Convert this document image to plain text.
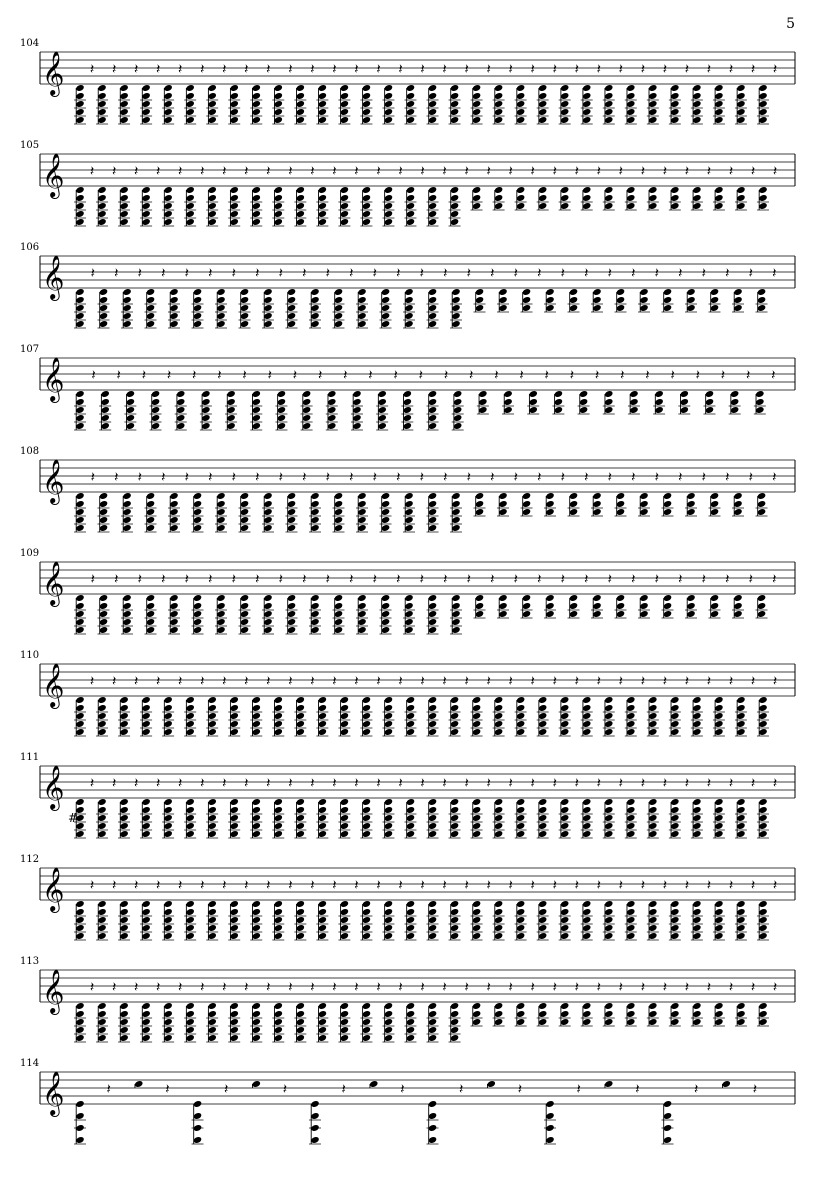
5
104
𝄞 𝄽 𝄽 𝄽 𝄽 𝄽 𝄽 𝄽 𝄽 𝄽 𝄽 𝄽 𝄽 𝄽 𝄽 𝄽 𝄽 𝄽 𝄽 𝄽 𝄽 𝄽 𝄽 𝄽 𝄽 𝄽 𝄽 𝄽 𝄽 𝄽 𝄽 𝄽 𝄽
105
𝄞 𝄽 𝄽 𝄽 𝄽 𝄽 𝄽 𝄽 𝄽 𝄽 𝄽 𝄽 𝄽 𝄽 𝄽 𝄽 𝄽 𝄽 𝄽 𝄽 𝄽 𝄽 𝄽 𝄽 𝄽 𝄽 𝄽 𝄽 𝄽 𝄽 𝄽 𝄽 𝄽
106
𝄞 𝄽 𝄽 𝄽 𝄽 𝄽 𝄽 𝄽 𝄽 𝄽 𝄽 𝄽 𝄽 𝄽 𝄽 𝄽 𝄽 𝄽 𝄽 𝄽 𝄽 𝄽 𝄽 𝄽 𝄽 𝄽 𝄽 𝄽 𝄽 𝄽 𝄽
107
𝄞 𝄽 𝄽 𝄽 𝄽 𝄽 𝄽 𝄽 𝄽 𝄽 𝄽 𝄽 𝄽 𝄽 𝄽 𝄽 𝄽 𝄽 𝄽 𝄽 𝄽 𝄽 𝄽 𝄽 𝄽 𝄽 𝄽 𝄽 𝄽
108
𝄞 𝄽 𝄽 𝄽 𝄽 𝄽 𝄽 𝄽 𝄽 𝄽 𝄽 𝄽 𝄽 𝄽 𝄽 𝄽 𝄽 𝄽 𝄽 𝄽 𝄽 𝄽 𝄽 𝄽 𝄽 𝄽 𝄽 𝄽 𝄽 𝄽 𝄽
109
𝄞 𝄽 𝄽 𝄽 𝄽 𝄽 𝄽 𝄽 𝄽 𝄽 𝄽 𝄽 𝄽 𝄽 𝄽 𝄽 𝄽 𝄽 𝄽 𝄽 𝄽 𝄽 𝄽 𝄽 𝄽 𝄽 𝄽 𝄽 𝄽 𝄽 𝄽
110
𝄞 𝄽 𝄽 𝄽 𝄽 𝄽 𝄽 𝄽 𝄽 𝄽 𝄽 𝄽 𝄽 𝄽 𝄽 𝄽 𝄽 𝄽 𝄽 𝄽 𝄽 𝄽 𝄽 𝄽 𝄽 𝄽 𝄽 𝄽 𝄽 𝄽 𝄽 𝄽 𝄽
111
𝄞
#
𝄽 𝄽 𝄽 𝄽 𝄽 𝄽 𝄽 𝄽 𝄽 𝄽 𝄽 𝄽 𝄽 𝄽 𝄽 𝄽 𝄽 𝄽 𝄽 𝄽 𝄽 𝄽 𝄽 𝄽 𝄽 𝄽 𝄽 𝄽 𝄽 𝄽 𝄽 𝄽
112
𝄞 𝄽 𝄽 𝄽 𝄽 𝄽 𝄽 𝄽 𝄽 𝄽 𝄽 𝄽 𝄽 𝄽 𝄽 𝄽 𝄽 𝄽 𝄽 𝄽 𝄽 𝄽 𝄽 𝄽 𝄽 𝄽 𝄽 𝄽 𝄽 𝄽 𝄽 𝄽 𝄽
113
𝄞 𝄽 𝄽 𝄽 𝄽 𝄽 𝄽 𝄽 𝄽 𝄽 𝄽 𝄽 𝄽 𝄽 𝄽 𝄽 𝄽 𝄽 𝄽 𝄽 𝄽 𝄽 𝄽 𝄽 𝄽 𝄽 𝄽 𝄽 𝄽 𝄽 𝄽 𝄽 𝄽
114
𝄞	𝄽	𝄽	𝄽	𝄽	𝄽	𝄽	𝄽	𝄽	𝄽	𝄽	𝄽	𝄽
